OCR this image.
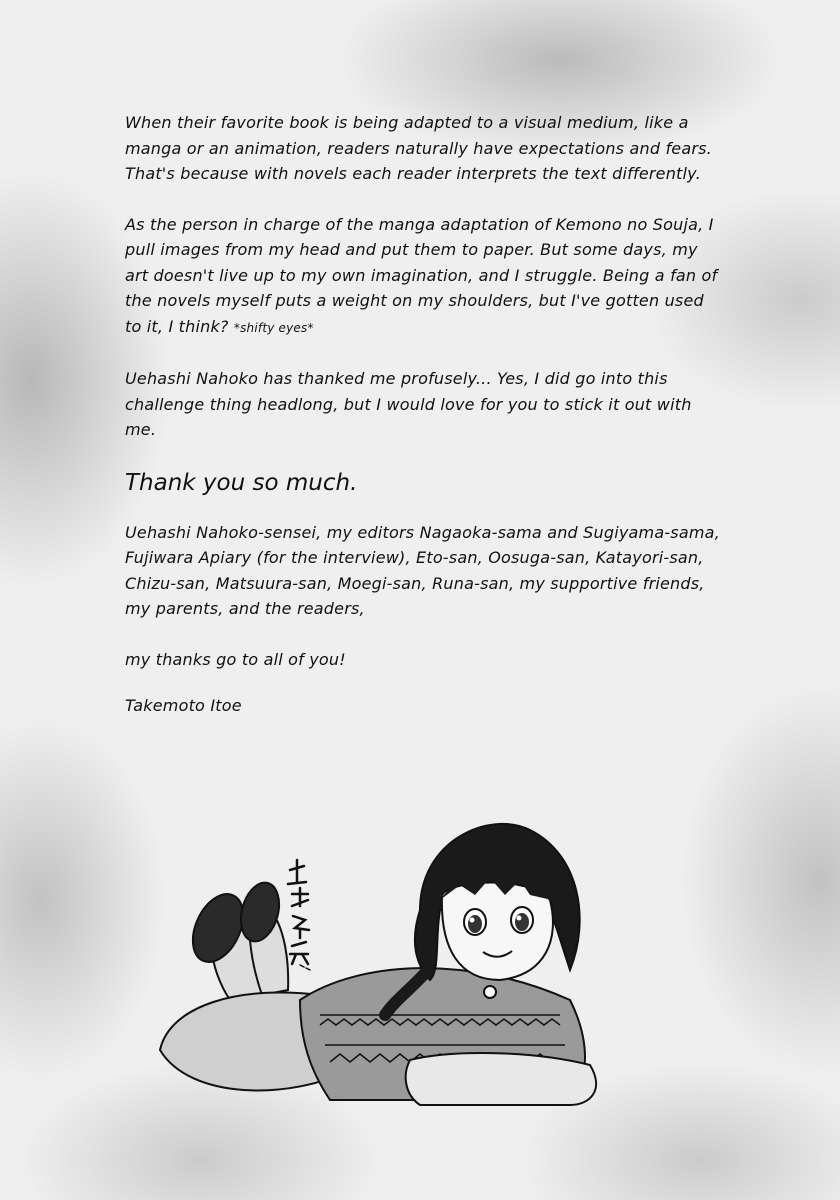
When their favorite book is being adapted to a visual medium, like a manga or an animation, readers naturally have expectations and fears. That's because with novels each reader interprets the text differently.

As the person in charge of the manga adaptation of Kemono no Souja, I pull images from my head and put them to paper. But some days, my art doesn't live up to my own imagination, and I struggle. Being a fan of the novels myself puts a weight on my shoulders, but I've gotten used to it, I think? *shifty eyes*

Uehashi Nahoko has thanked me profusely... Yes, I did go into this challenge thing headlong, but I would love for you to stick it out with me.

Thank you so much.

Uehashi Nahoko-sensei, my editors Nagaoka-sama and Sugiyama-sama, Fujiwara Apiary (for the interview), Eto-san, Oosuga-san, Katayori-san, Chizu-san, Matsuura-san, Moegi-san, Runa-san, my supportive friends, my parents, and the readers,

my thanks go to all of you!

Takemoto Itoe
